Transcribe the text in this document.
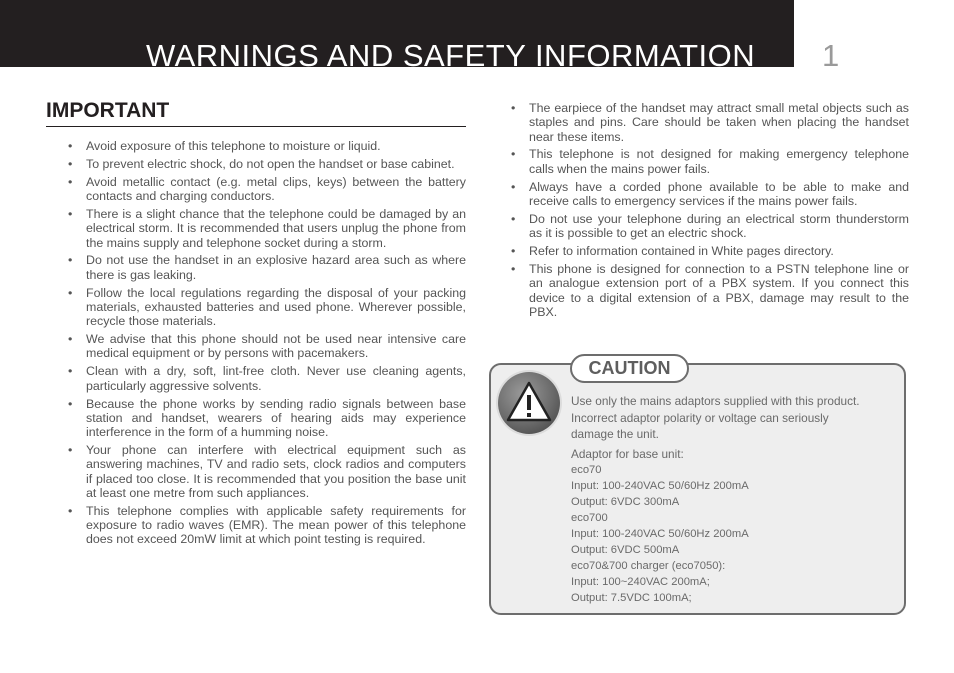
WARNINGS AND SAFETY INFORMATION 1
IMPORTANT
• Avoid exposure of this telephone to moisture or liquid.
• To prevent electric shock, do not open the handset or base cabinet.
• Avoid metallic contact (e.g. metal clips, keys) between the battery contacts and charging conductors.
• There is a slight chance that the telephone could be damaged by an electrical storm. It is recommended that users unplug the phone from the mains supply and telephone socket during a storm.
• Do not use the handset in an explosive hazard area such as where there is gas leaking.
• Follow the local regulations regarding the disposal of your packing materials, exhausted batteries and used phone. Wherever possible, recycle those materials.
• We advise that this phone should not be used near intensive care medical equipment or by persons with pacemakers.
• Clean with a dry, soft, lint-free cloth. Never use cleaning agents, particularly aggressive solvents.
• Because the phone works by sending radio signals between base station and handset, wearers of hearing aids may experience interference in the form of a humming noise.
• Your phone can interfere with electrical equipment such as answering machines, TV and radio sets, clock radios and computers if placed too close. It is recommended that you position the base unit at least one metre from such appliances.
• This telephone complies with applicable safety requirements for exposure to radio waves (EMR). The mean power of this telephone does not exceed 20mW limit at which point testing is required.
• The earpiece of the handset may attract small metal objects such as staples and pins. Care should be taken when placing the handset near these items.
• This telephone is not designed for making emergency telephone calls when the mains power fails.
• Always have a corded phone available to be able to make and receive calls to emergency services if the mains power fails.
• Do not use your telephone during an electrical storm thunderstorm as it is possible to get an electric shock.
• Refer to information contained in White pages directory.
• This phone is designed for connection to a PSTN telephone line or an analogue extension port of a PBX system. If you connect this device to a digital extension of a PBX, damage may result to the PBX.
CAUTION

Use only the mains adaptors supplied with this product.

Incorrect adaptor polarity or voltage can seriously

damage the unit.

Adaptor for base unit:

eco70

Input: 100-240VAC 50/60Hz 200mA

Output: 6VDC 300mA

eco700

Input: 100-240VAC 50/60Hz 200mA

Output: 6VDC 500mA

eco70&700 charger (eco7050):

Input: 100~240VAC 200mA;

Output: 7.5VDC 100mA;
